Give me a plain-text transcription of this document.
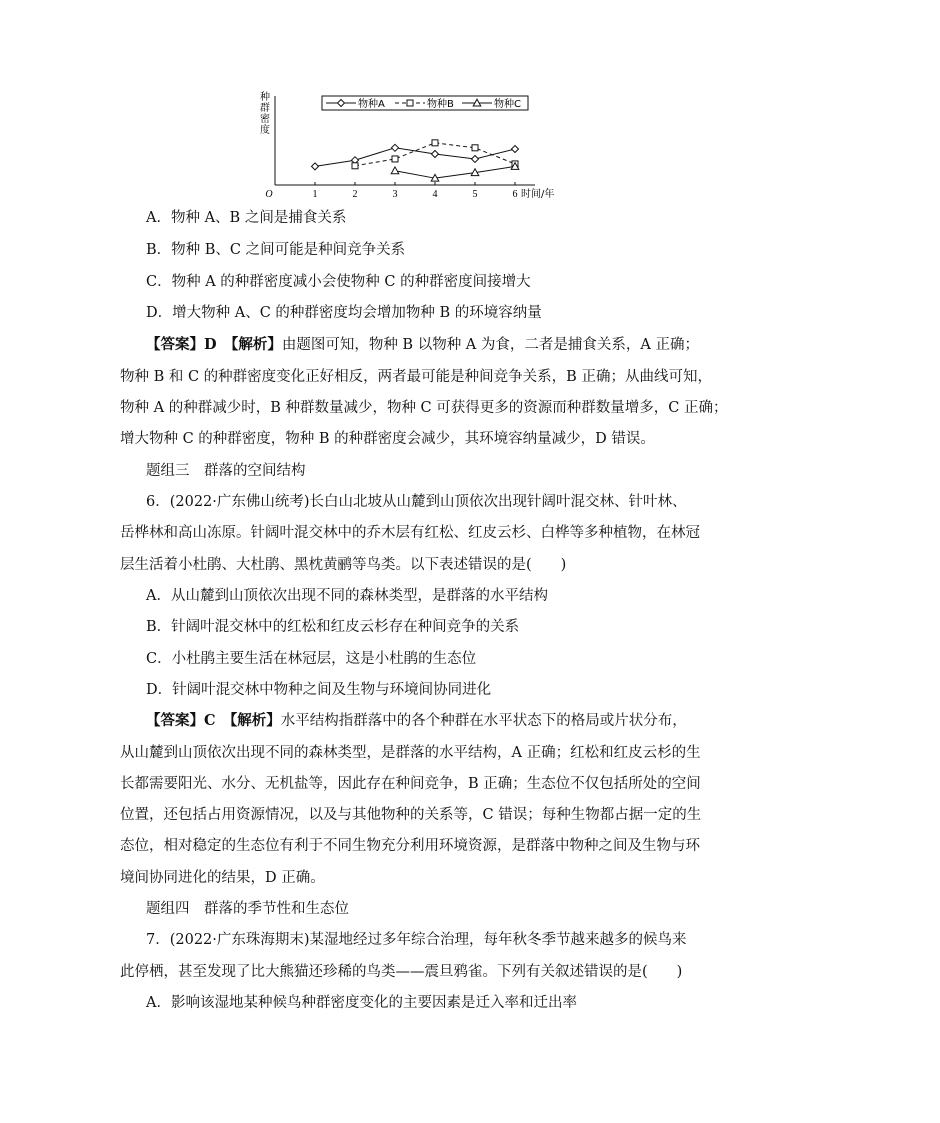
O	1	2	3	4	5	6 时间/年
种群密度
物种A	物种B	物种C
A．物种 A、B 之间是捕食关系
B．物种 B、C 之间可能是种间竞争关系
C．物种 A 的种群密度减小会使物种 C 的种群密度间接增大
D．增大物种 A、C 的种群密度均会增加物种 B 的环境容纳量
【答案】D　 【解析】由题图可知，物种 B 以物种 A 为食，二者是捕食关系，A 正确；
物种 B 和 C 的种群密度变化正好相反，两者最可能是种间竞争关系，B 正确；从曲线可知，
物种 A 的种群减少时，B 种群数量减少，物种 C 可获得更多的资源而种群数量增多，C 正确；
增大物种 C 的种群密度，物种 B 的种群密度会减少，其环境容纳量减少，D 错误。
题组三　群落的空间结构
6．(2022·广东佛山统考)长白山北坡从山麓到山顶依次出现针阔叶混交林、针叶林、
岳桦林和高山冻原。针阔叶混交林中的乔木层有红松、红皮云杉、白桦等多种植物，在林冠
层生活着小杜鹃、大杜鹃、黑枕黄鹂等鸟类。以下表述错误的是(　　)
A．从山麓到山顶依次出现不同的森林类型，是群落的水平结构
B．针阔叶混交林中的红松和红皮云杉存在种间竞争的关系
C．小杜鹃主要生活在林冠层，这是小杜鹃的生态位
D．针阔叶混交林中物种之间及生物与环境间协同进化
【答案】C　 【解析】水平结构指群落中的各个种群在水平状态下的格局或片状分布，
从山麓到山顶依次出现不同的森林类型，是群落的水平结构，A 正确；红松和红皮云杉的生
长都需要阳光、水分、无机盐等，因此存在种间竞争，B 正确；生态位不仅包括所处的空间
位置，还包括占用资源情况，以及与其他物种的关系等，C 错误；每种生物都占据一定的生
态位，相对稳定的生态位有利于不同生物充分利用环境资源，是群落中物种之间及生物与环
境间协同进化的结果，D 正确。
题组四　群落的季节性和生态位
7．(2022·广东珠海期末)某湿地经过多年综合治理，每年秋冬季节越来越多的候鸟来
此停栖，甚至发现了比大熊猫还珍稀的鸟类——震旦鸦雀。下列有关叙述错误的是(　　)
A．影响该湿地某种候鸟种群密度变化的主要因素是迁入率和迁出率
